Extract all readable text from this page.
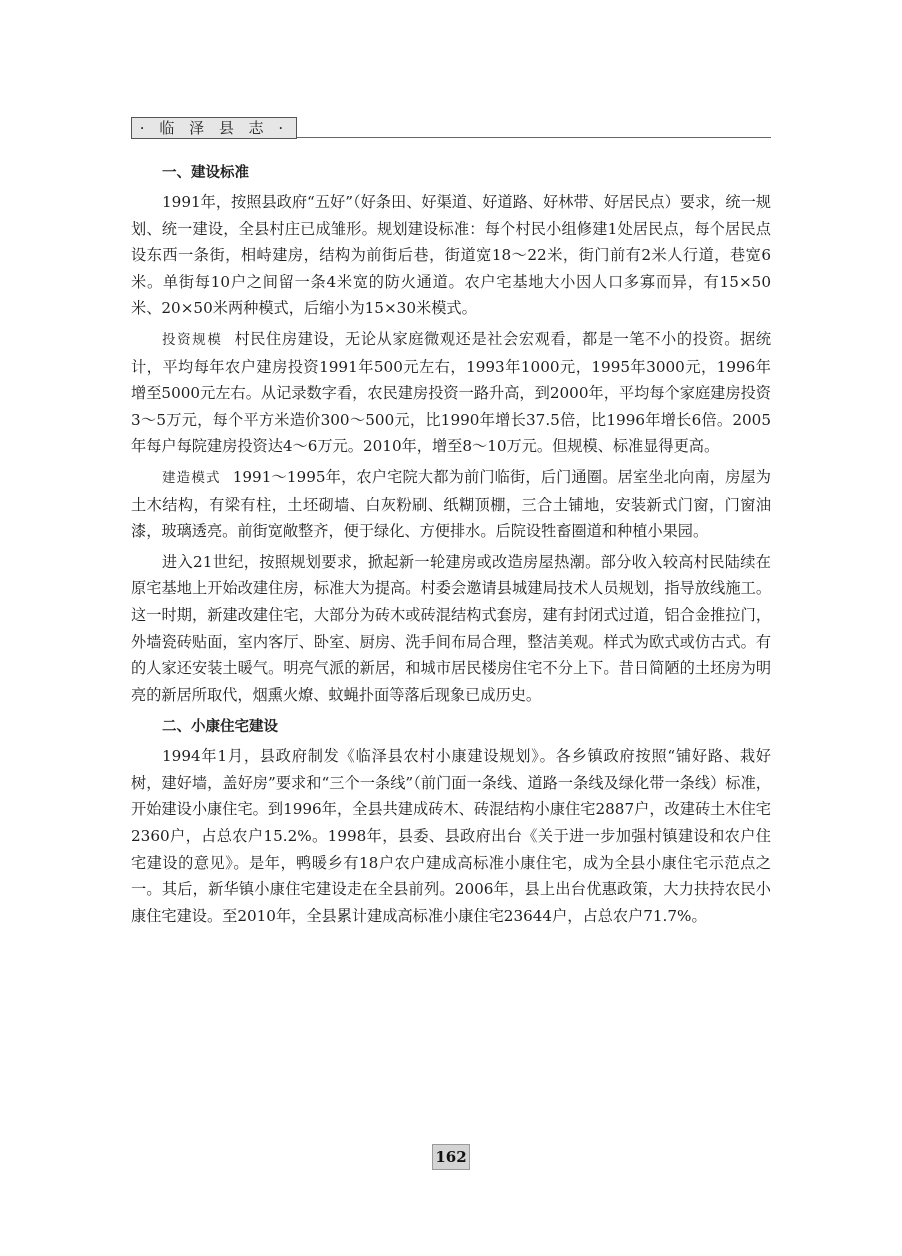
· 临 泽 县 志 ·
一、建设标准

1991年，按照县政府“五好”（好条田、好渠道、好道路、好林带、好居民点）要求，统一规划、统一建设，全县村庄已成雏形。规划建设标准：每个村民小组修建1处居民点，每个居民点设东西一条街，相峙建房，结构为前街后巷，街道宽18～22米，街门前有2米人行道，巷宽6米。单街每10户之间留一条4米宽的防火通道。农户宅基地大小因人口多寡而异，有15×50米、20×50米两种模式，后缩小为15×30米模式。

投资规模 村民住房建设，无论从家庭微观还是社会宏观看，都是一笔不小的投资。据统计，平均每年农户建房投资1991年500元左右，1993年1000元，1995年3000元，1996年增至5000元左右。从记录数字看，农民建房投资一路升高，到2000年，平均每个家庭建房投资3～5万元，每个平方米造价300～500元，比1990年增长37.5倍，比1996年增长6倍。2005年每户每院建房投资达4～6万元。2010年，增至8～10万元。但规模、标准显得更高。

建造模式 1991～1995年，农户宅院大都为前门临街，后门通圈。居室坐北向南，房屋为土木结构，有梁有柱，土坯砌墙、白灰粉刷、纸糊顶棚，三合土铺地，安装新式门窗，门窗油漆，玻璃透亮。前街宽敞整齐，便于绿化、方便排水。后院设牲畜圈道和种植小果园。

进入21世纪，按照规划要求，掀起新一轮建房或改造房屋热潮。部分收入较高村民陆续在原宅基地上开始改建住房，标准大为提高。村委会邀请县城建局技术人员规划，指导放线施工。这一时期，新建改建住宅，大部分为砖木或砖混结构式套房，建有封闭式过道，铝合金推拉门，外墙瓷砖贴面，室内客厅、卧室、厨房、洗手间布局合理，整洁美观。样式为欧式或仿古式。有的人家还安装土暖气。明亮气派的新居，和城市居民楼房住宅不分上下。昔日简陋的土坯房为明亮的新居所取代，烟熏火燎、蚊蝇扑面等落后现象已成历史。

二、小康住宅建设

1994年1月，县政府制发《临泽县农村小康建设规划》。各乡镇政府按照“铺好路、栽好树，建好墙，盖好房”要求和“三个一条线”（前门面一条线、道路一条线及绿化带一条线）标准，开始建设小康住宅。到1996年，全县共建成砖木、砖混结构小康住宅2887户，改建砖土木住宅2360户，占总农户15.2%。1998年，县委、县政府出台《关于进一步加强村镇建设和农户住宅建设的意见》。是年，鸭暖乡有18户农户建成高标准小康住宅，成为全县小康住宅示范点之一。其后，新华镇小康住宅建设走在全县前列。2006年，县上出台优惠政策，大力扶持农民小康住宅建设。至2010年，全县累计建成高标准小康住宅23644户，占总农户71.7%。

162
